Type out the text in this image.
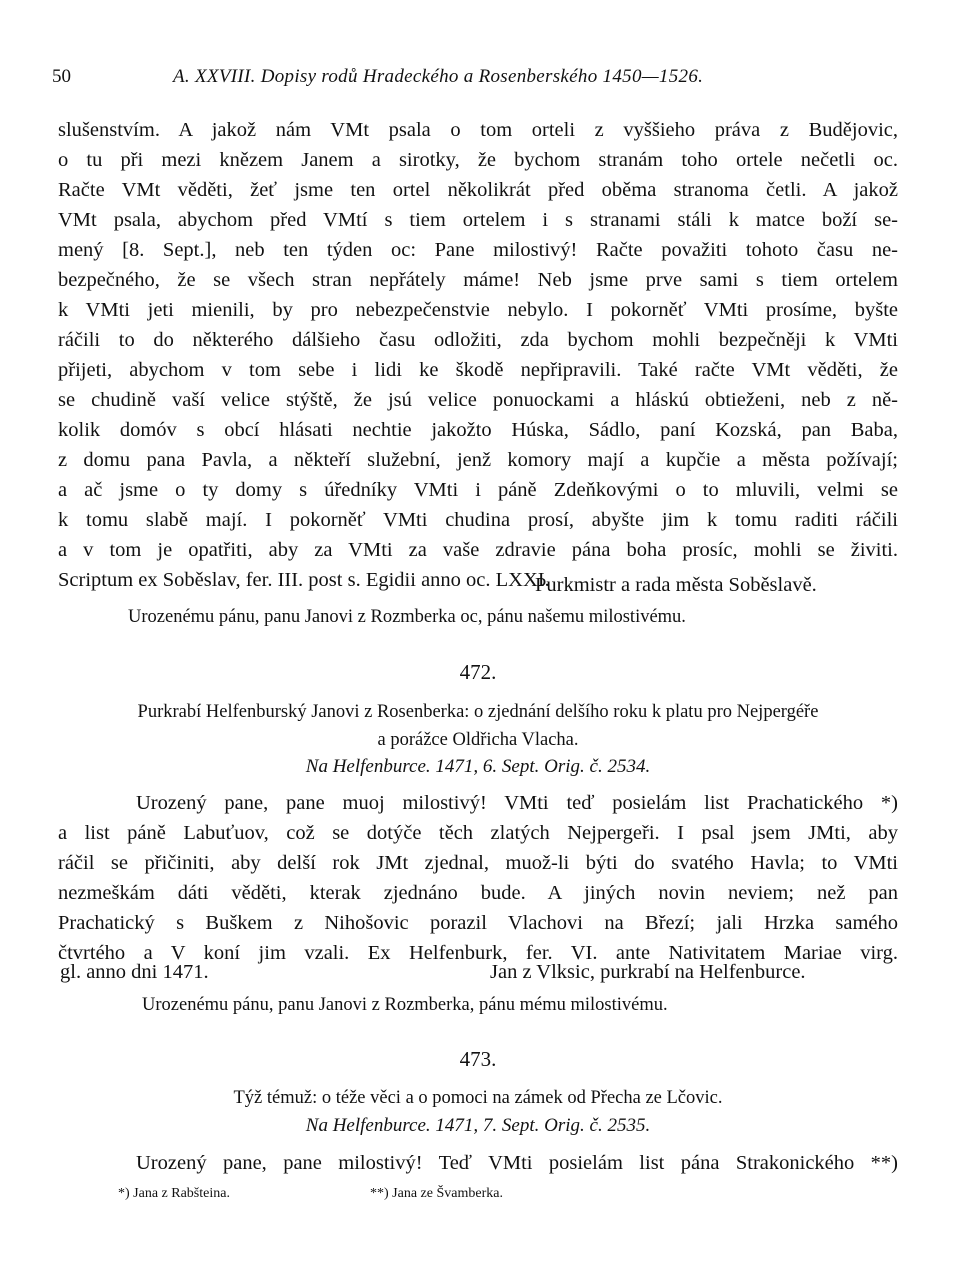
50	A. XXVIII. Dopisy rodů Hradeckého a Rosenberského 1450—1526.
slušenstvím. A jakož nám VMt psala o tom orteli z vyššieho práva z Budějovic,
o tu při mezi knězem Janem a sirotky, že bychom stranám toho ortele nečetli oc.
Račte VMt věděti, žeť jsme ten ortel několikrát před oběma stranoma četli. A jakož
VMt psala, abychom před VMtí s tiem ortelem i s stranami stáli k matce boží se-
mený [8. Sept.], neb ten týden oc: Pane milostivý! Račte považiti tohoto času ne-
bezpečného, že se všech stran nepřátely máme! Neb jsme prve sami s tiem ortelem
k VMti jeti mienili, by pro nebezpečenstvie nebylo. I pokorněť VMti prosíme, byšte
ráčili to do některého dálšieho času odložiti, zda bychom mohli bezpečněji k VMti
přijeti, abychom v tom sebe i lidi ke škodě nepřipravili. Také račte VMt věděti, že
se chudině vaší velice stýště, že jsú velice ponuockami a hláskú obtieženi, neb z ně-
kolik domóv s obcí hlásati nechtie jakožto Húska, Sádlo, paní Kozská, pan Baba,
z domu pana Pavla, a někteří služební, jenž komory mají a kupčie a města požívají;
a ač jsme o ty domy s úředníky VMti i páně Zdeňkovými o to mluvili, velmi se
k tomu slabě mají. I pokorněť VMti chudina prosí, abyšte jim k tomu raditi ráčili
a v tom je opatřiti, aby za VMti za vaše zdravie pána boha prosíc, mohli se živiti.
Scriptum ex Soběslav, fer. III. post s. Egidii anno oc. LXXI.
Purkmistr a rada města Soběslavě.
Urozenému pánu, panu Janovi z Rozmberka oc, pánu našemu milostivému.
472.
Purkrabí Helfenburský Janovi z Rosenberka: o zjednání delšího roku k platu pro Nejpergéře
a porážce Oldřicha Vlacha.
Na Helfenburce. 1471, 6. Sept. Orig. č. 2534.
Urozený pane, pane muoj milostivý! VMti teď posielám list Prachatického *)
a list páně Labuťuov, což se dotýče těch zlatých Nejpergeři. I psal jsem JMti, aby
ráčil se přičiniti, aby delší rok JMt zjednal, muož-li býti do svatého Havla; to VMti
nezmeškám dáti věděti, kterak zjednáno bude. A jiných novin neviem; než pan
Prachatický s Buškem z Nihošovic porazil Vlachovi na Březí; jali Hrzka samého
čtvrtého a V koní jim vzali. Ex Helfenburk, fer. VI. ante Nativitatem Mariae virg.
gl. anno dni 1471.	Jan z Vlksic, purkrabí na Helfenburce.
Urozenému pánu, panu Janovi z Rozmberka, pánu mému milostivému.
473.
Týž témuž: o téže věci a o pomoci na zámek od Přecha ze Lčovic.
Na Helfenburce. 1471, 7. Sept. Orig. č. 2535.
Urozený pane, pane milostivý! Teď VMti posielám list pána Strakonického **)
*) Jana z Rabšteina.	**) Jana ze Švamberka.
